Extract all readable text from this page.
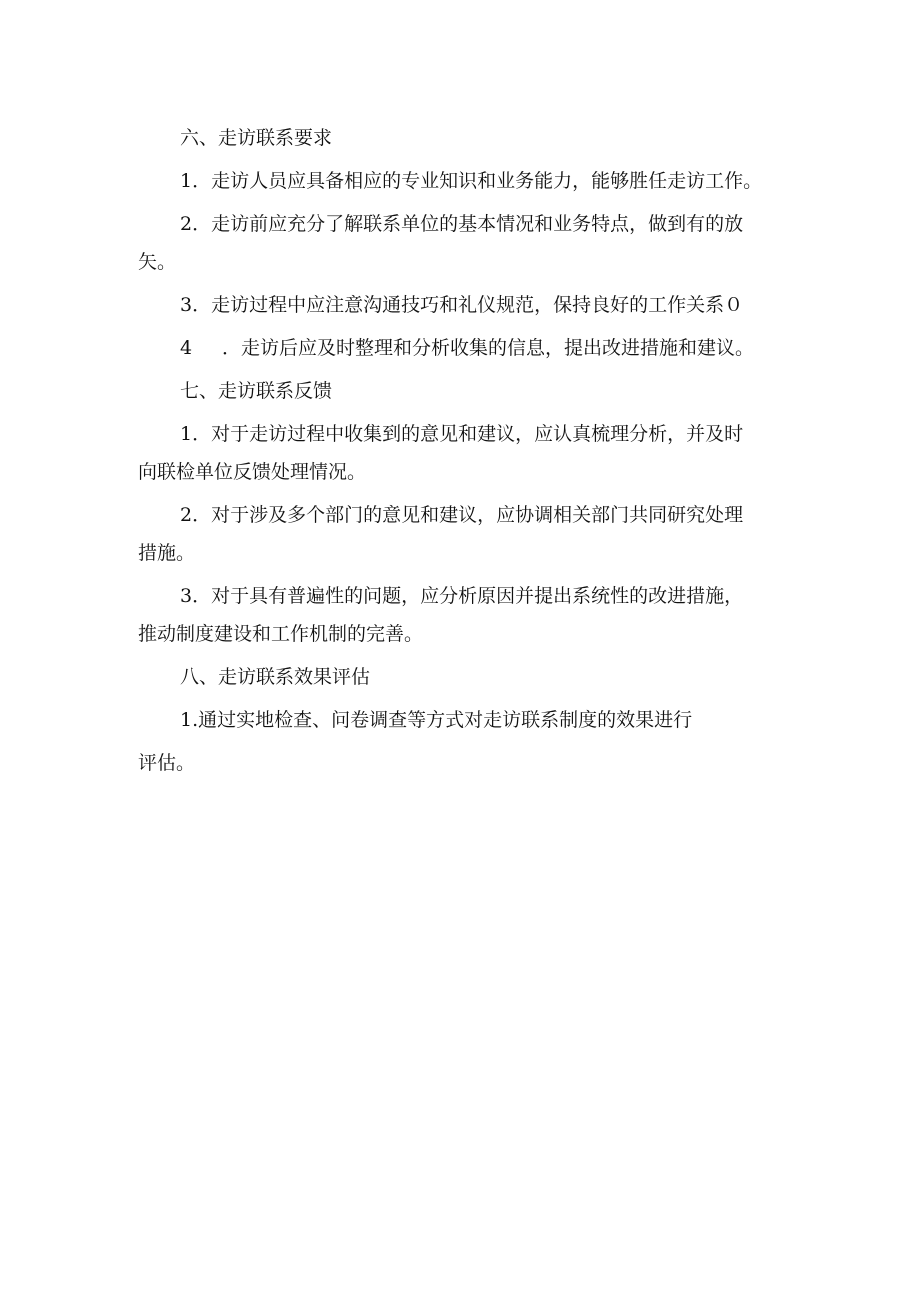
六、走访联系要求

1．走访人员应具备相应的专业知识和业务能力，能够胜任走访工作。

2．走访前应充分了解联系单位的基本情况和业务特点，做到有的放

矢。

3．走访过程中应注意沟通技巧和礼仪规范，保持良好的工作关系０

4 ．走访后应及时整理和分析收集的信息，提出改进措施和建议。

七、走访联系反馈

1．对于走访过程中收集到的意见和建议，应认真梳理分析，并及时

向联检单位反馈处理情况。

2．对于涉及多个部门的意见和建议，应协调相关部门共同研究处理

措施。

3．对于具有普遍性的问题，应分析原因并提出系统性的改进措施，

推动制度建设和工作机制的完善。

八、走访联系效果评估

1.通过实地检查、问卷调查等方式对走访联系制度的效果进行

评估。
